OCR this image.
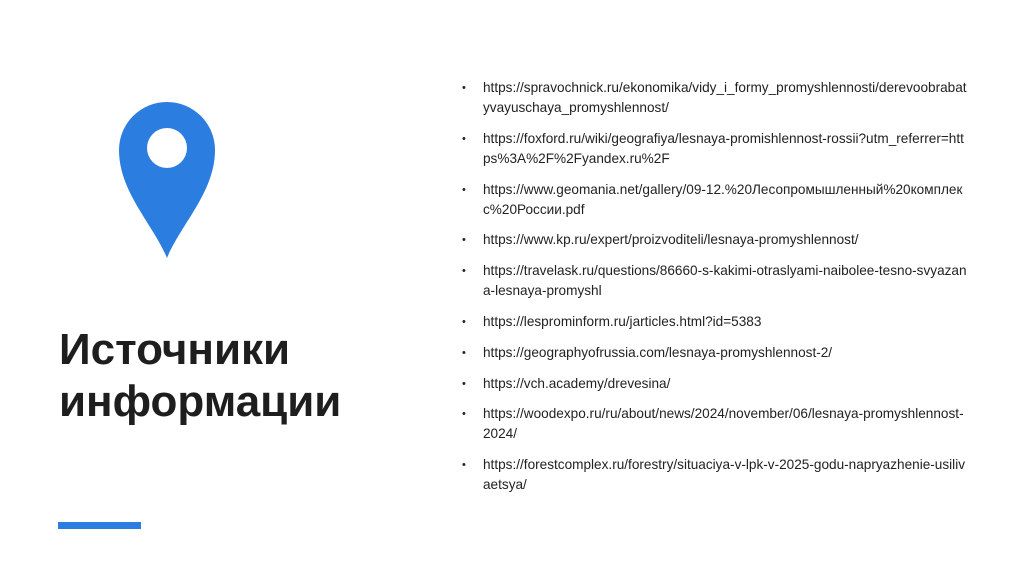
Источники
информации
• https://spravochnick.ru/ekonomika/vidy_i_formy_promyshlennosti/derevoobrabatyvayuschaya_promyshlennost/
• https://foxford.ru/wiki/geografiya/lesnaya-promishlennost-rossii?utm_referrer=https%3A%2F%2Fyandex.ru%2F
• https://www.geomania.net/gallery/09-12.%20Лесопромышленный%20комплекс%20России.pdf
• https://www.kp.ru/expert/proizvoditeli/lesnaya-promyshlennost/
• https://travelask.ru/questions/86660-s-kakimi-otraslyami-naibolee-tesno-svyazana-lesnaya-promyshl
• https://lesprominform.ru/jarticles.html?id=5383
• https://geographyofrussia.com/lesnaya-promyshlennost-2/
• https://vch.academy/drevesina/
• https://woodexpo.ru/ru/about/news/2024/november/06/lesnaya-promyshlennost-2024/
• https://forestcomplex.ru/forestry/situaciya-v-lpk-v-2025-godu-napryazhenie-usilivaetsya/
